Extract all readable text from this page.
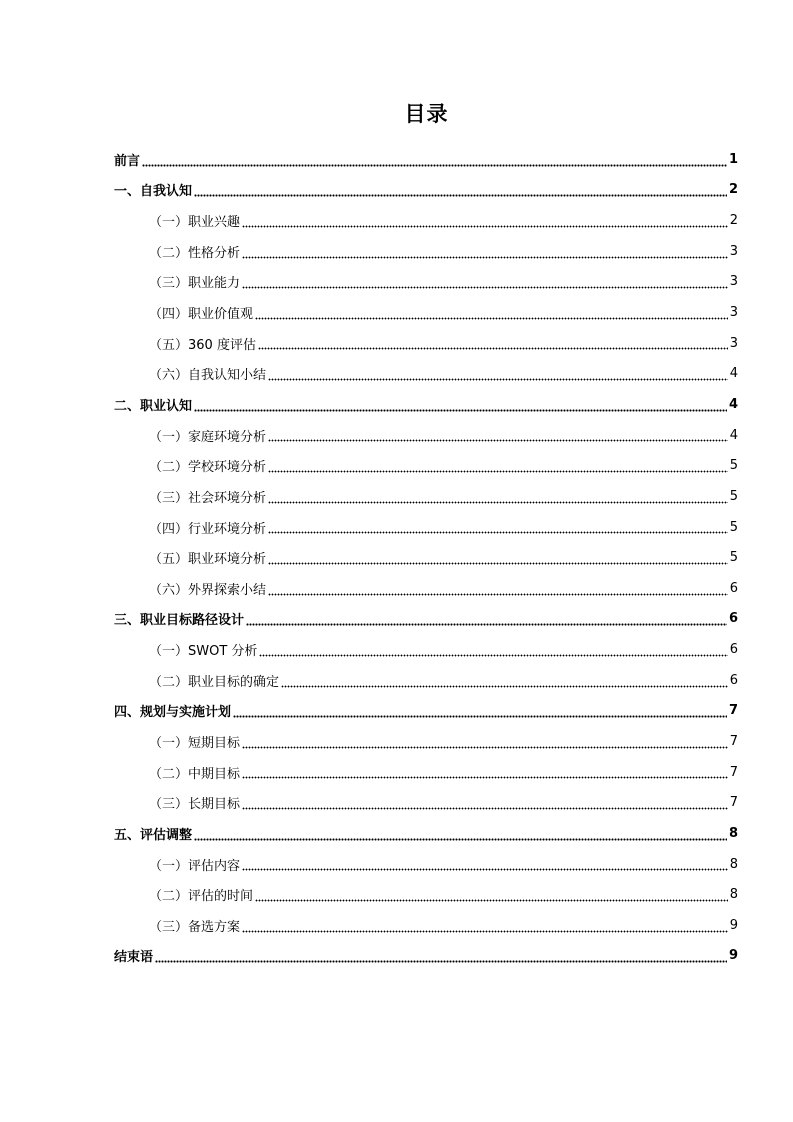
目录
前言	1
一、自我认知	2
（一）职业兴趣	2
（二）性格分析	3
（三）职业能力	3
（四）职业价值观	3
（五）360 度评估	3
（六）自我认知小结	4
二、职业认知	4
（一）家庭环境分析	4
（二）学校环境分析	5
（三）社会环境分析	5
（四）行业环境分析	5
（五）职业环境分析	5
（六）外界探索小结	6
三、职业目标路径设计	6
（一）SWOT 分析	6
（二）职业目标的确定	6
四、规划与实施计划	7
（一）短期目标	7
（二）中期目标	7
（三）长期目标	7
五、评估调整	8
（一）评估内容	8
（二）评估的时间	8
（三）备选方案	9
结束语	9
